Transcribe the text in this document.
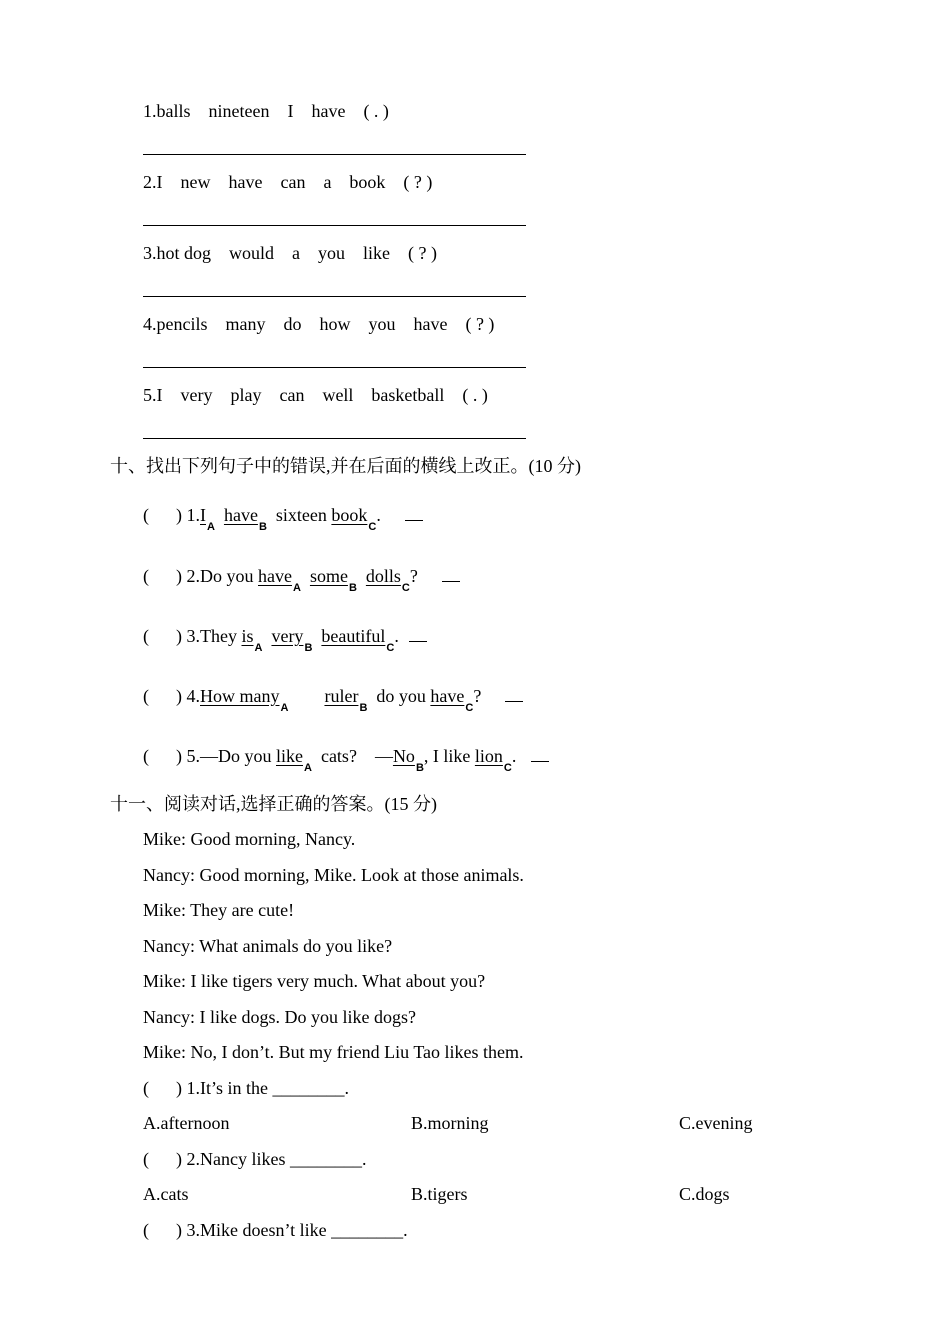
1.balls    nineteen    I    have    ( . )
2.I    new    have    can    a    book    ( ? )
3.hot dog    would    a    you    like    ( ? )
4.pencils    many    do    how    you    have    ( ? )
5.I    very    play    can    well    basketball    ( . )
十、找出下列句子中的错误,并在后面的横线上改正。(10 分)
(      ) $1.I_A$  have$_B$  sixteen book$_C$.
(      ) 2.Do you have$_A$  some$_B$  dolls$_C$?
(      ) 3.They $is_A$  very$_B$  beautiful$_C$.
(      ) 4.How many$_A$        ruler$_B$  do you have$_C$?
(      ) 5.—Do you like$_A$  cats? $—No_B$, I like lion$_C$.
十一、阅读对话,选择正确的答案。(15 分)
Mike: Good morning, Nancy.
Nancy: Good morning, Mike. Look at those animals.
Mike: They are cute!
Nancy: What animals do you like?
Mike: I like tigers very much. What about you?
Nancy: I like dogs. Do you like dogs?
Mike: No, I don’t. But my friend Liu Tao likes them.
(      ) 1.It’s in the ________.
A.afternoon	B.morning	C.evening
(      ) 2.Nancy likes ________.
A.cats	B.tigers	C.dogs
(      ) 3.Mike doesn’t like ________.
